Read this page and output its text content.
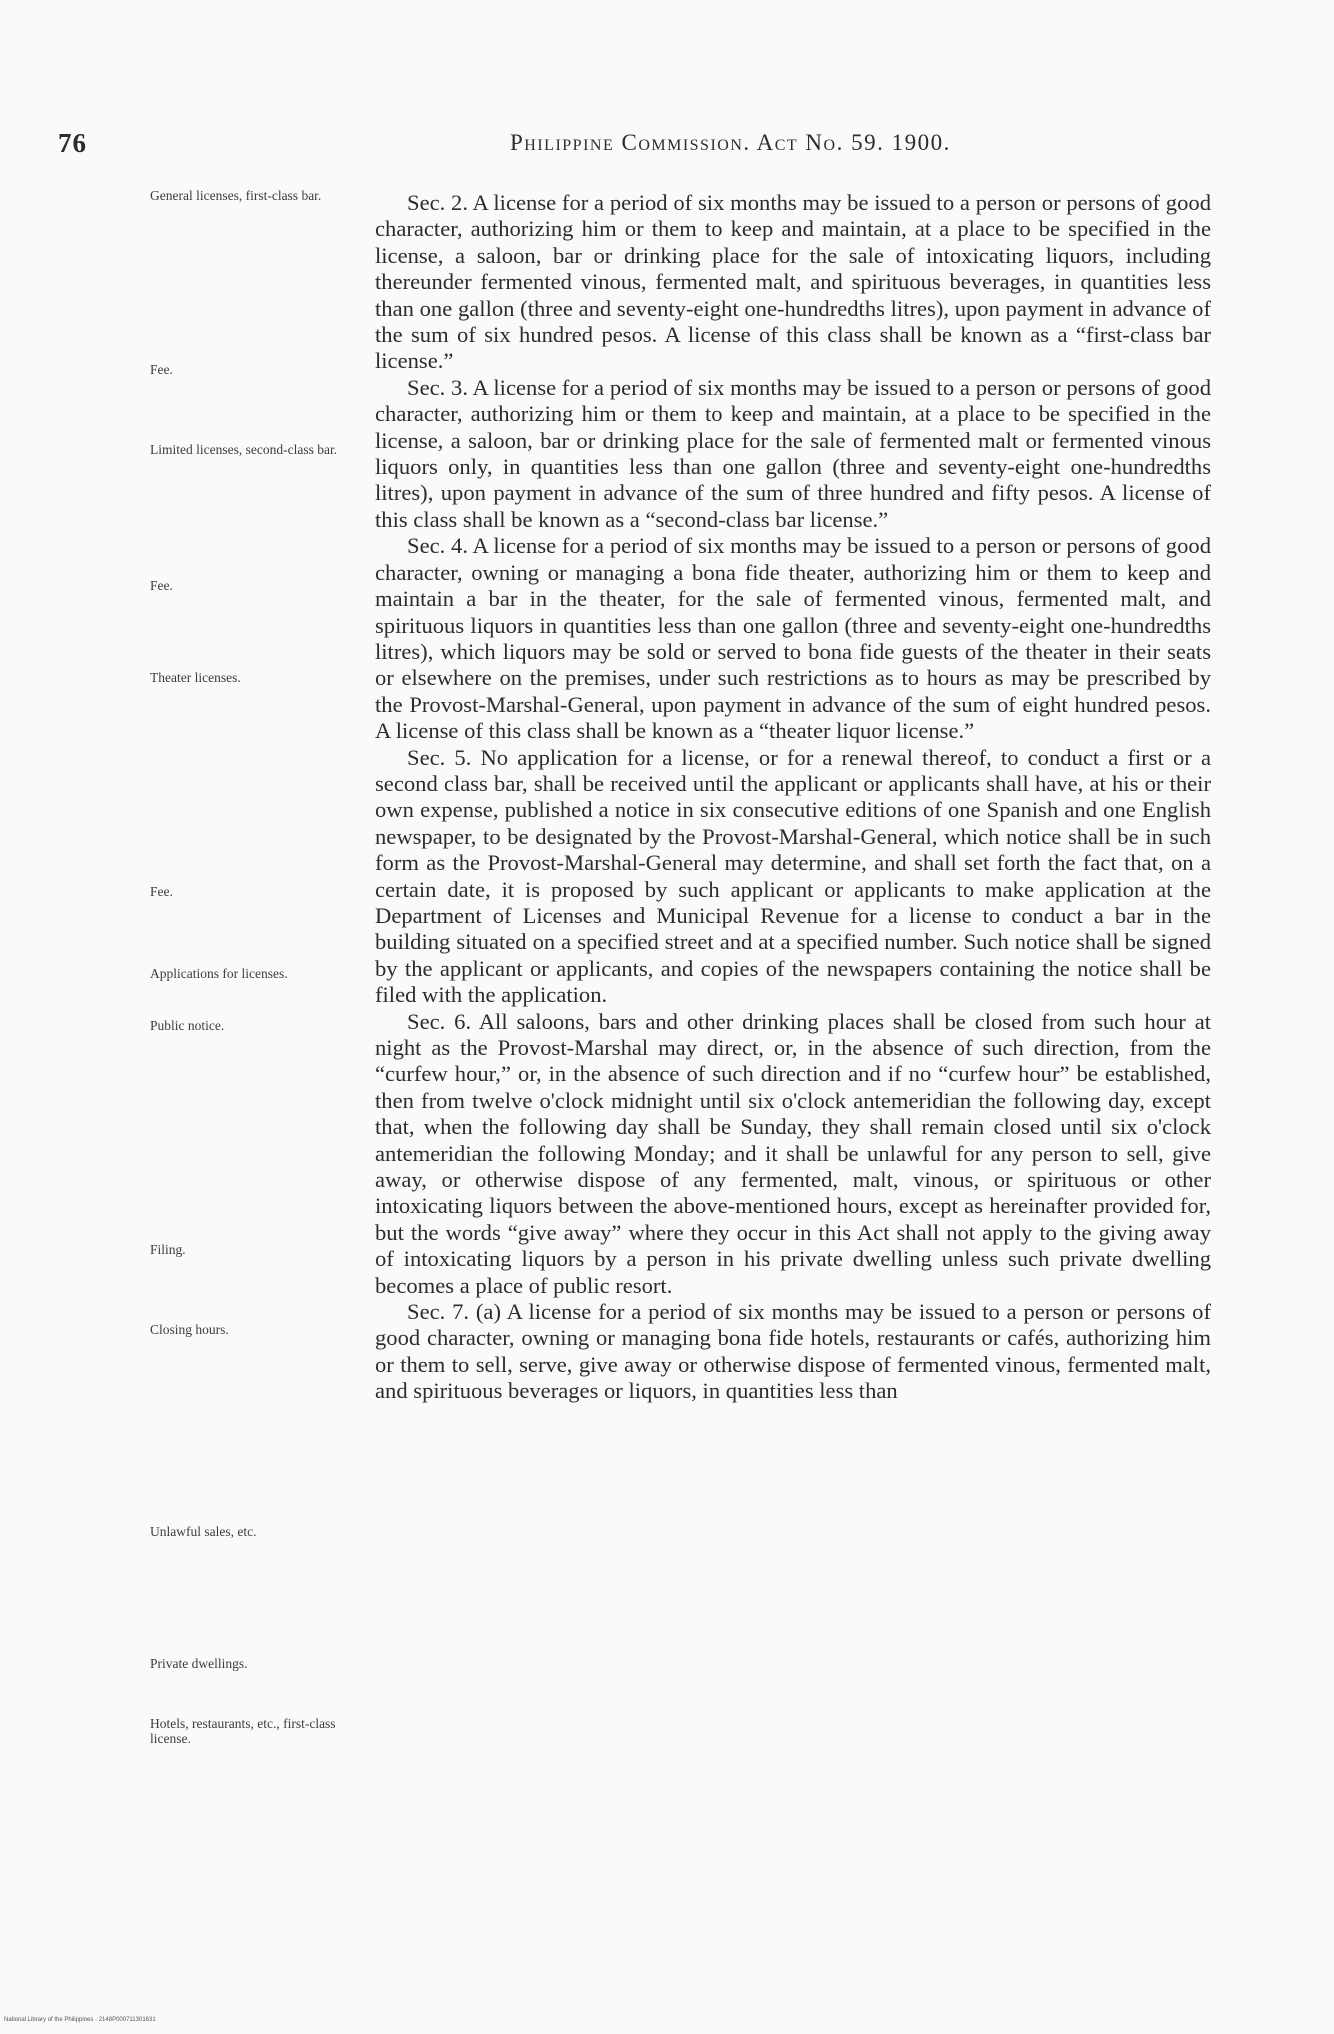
76	Philippine Commission. Act No. 59. 1900.
General licenses, first-class bar.
Fee.
Limited licenses, second-class bar.
Fee.
Theater licenses.
Fee.
Applications for licenses.
Public notice.
Filing.
Closing hours.
Unlawful sales, etc.
Private dwellings.
Hotels, restaurants, etc., first-class license.

Sec. 2. A license for a period of six months may be issued to a person or persons of good character, authorizing him or them to keep and maintain, at a place to be specified in the license, a saloon, bar or drinking place for the sale of intoxicating liquors, including thereunder fermented vinous, fermented malt, and spirituous beverages, in quantities less than one gallon (three and seventy-eight one-hundredths litres), upon payment in advance of the sum of six hundred pesos. A license of this class shall be known as a “first-class bar license.”

Sec. 3. A license for a period of six months may be issued to a person or persons of good character, authorizing him or them to keep and maintain, at a place to be specified in the license, a saloon, bar or drinking place for the sale of fermented malt or fermented vinous liquors only, in quantities less than one gallon (three and seventy-eight one-hundredths litres), upon payment in advance of the sum of three hundred and fifty pesos. A license of this class shall be known as a “second-class bar license.”

Sec. 4. A license for a period of six months may be issued to a person or persons of good character, owning or managing a bona fide theater, authorizing him or them to keep and maintain a bar in the theater, for the sale of fermented vinous, fermented malt, and spirituous liquors in quantities less than one gallon (three and seventy-eight one-hundredths litres), which liquors may be sold or served to bona fide guests of the theater in their seats or elsewhere on the premises, under such restrictions as to hours as may be prescribed by the Provost-Marshal-General, upon payment in advance of the sum of eight hundred pesos. A license of this class shall be known as a “theater liquor license.”

Sec. 5. No application for a license, or for a renewal thereof, to conduct a first or a second class bar, shall be received until the applicant or applicants shall have, at his or their own expense, published a notice in six consecutive editions of one Spanish and one English newspaper, to be designated by the Provost-Marshal-General, which notice shall be in such form as the Provost-Marshal-General may determine, and shall set forth the fact that, on a certain date, it is proposed by such applicant or applicants to make application at the Department of Licenses and Municipal Revenue for a license to conduct a bar in the building situated on a specified street and at a specified number. Such notice shall be signed by the applicant or applicants, and copies of the newspapers containing the notice shall be filed with the application.

Sec. 6. All saloons, bars and other drinking places shall be closed from such hour at night as the Provost-Marshal may direct, or, in the absence of such direction, from the “curfew hour,” or, in the absence of such direction and if no “curfew hour” be established, then from twelve o'clock midnight until six o'clock antemeridian the following day, except that, when the following day shall be Sunday, they shall remain closed until six o'clock antemeridian the following Monday; and it shall be unlawful for any person to sell, give away, or otherwise dispose of any fermented, malt, vinous, or spirituous or other intoxicating liquors between the above-mentioned hours, except as hereinafter provided for, but the words “give away” where they occur in this Act shall not apply to the giving away of intoxicating liquors by a person in his private dwelling unless such private dwelling becomes a place of public resort.

Sec. 7. (a) A license for a period of six months may be issued to a person or persons of good character, owning or managing bona fide hotels, restaurants or cafés, authorizing him or them to sell, serve, give away or otherwise dispose of fermented vinous, fermented malt, and spirituous beverages or liquors, in quantities less than

National Library of the Philippines · 2148P000711301631
